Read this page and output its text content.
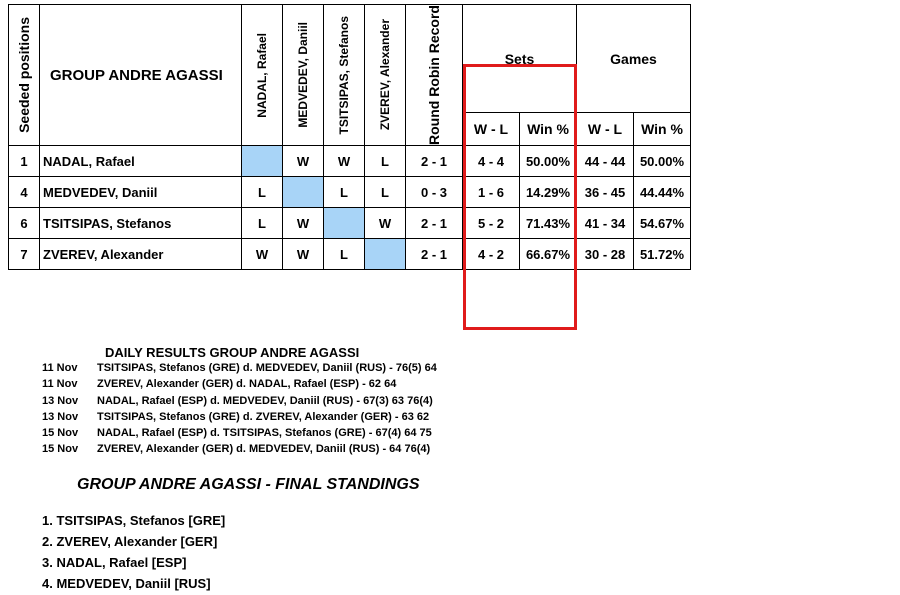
Seeded positions	GROUP ANDRE AGASSI	NADAL, Rafael	MEDVEDEV, Daniil	TSITSIPAS, Stefanos	ZVEREV, Alexander	Round Robin Record	Sets		Games	
							W - L	Win %	W - L	Win %
1	NADAL, Rafael		W	W	L	2 - 1	4 - 4	50.00%	44 - 44	50.00%
4	MEDVEDEV, Daniil	L		L	L	0 - 3	1 - 6	14.29%	36 - 45	44.44%
6	TSITSIPAS, Stefanos	L	W		W	2 - 1	5 - 2	71.43%	41 - 34	54.67%
7	ZVEREV, Alexander	W	W	L		2 - 1	4 - 2	66.67%	30 - 28	51.72%
DAILY RESULTS GROUP ANDRE AGASSI
11 Nov TSITSIPAS, Stefanos (GRE) d. MEDVEDEV, Daniil (RUS) - 76(5) 64
11 Nov ZVEREV, Alexander (GER) d. NADAL, Rafael (ESP) - 62 64
13 Nov NADAL, Rafael (ESP) d. MEDVEDEV, Daniil (RUS) - 67(3) 63 76(4)
13 Nov TSITSIPAS, Stefanos (GRE) d. ZVEREV, Alexander (GER) - 63 62
15 Nov NADAL, Rafael (ESP) d. TSITSIPAS, Stefanos (GRE) - 67(4) 64 75
15 Nov ZVEREV, Alexander (GER) d. MEDVEDEV, Daniil (RUS) - 64 76(4)
GROUP ANDRE AGASSI - FINAL STANDINGS
1. TSITSIPAS, Stefanos [GRE]
2. ZVEREV, Alexander [GER]
3. NADAL, Rafael [ESP]
4. MEDVEDEV, Daniil [RUS]
